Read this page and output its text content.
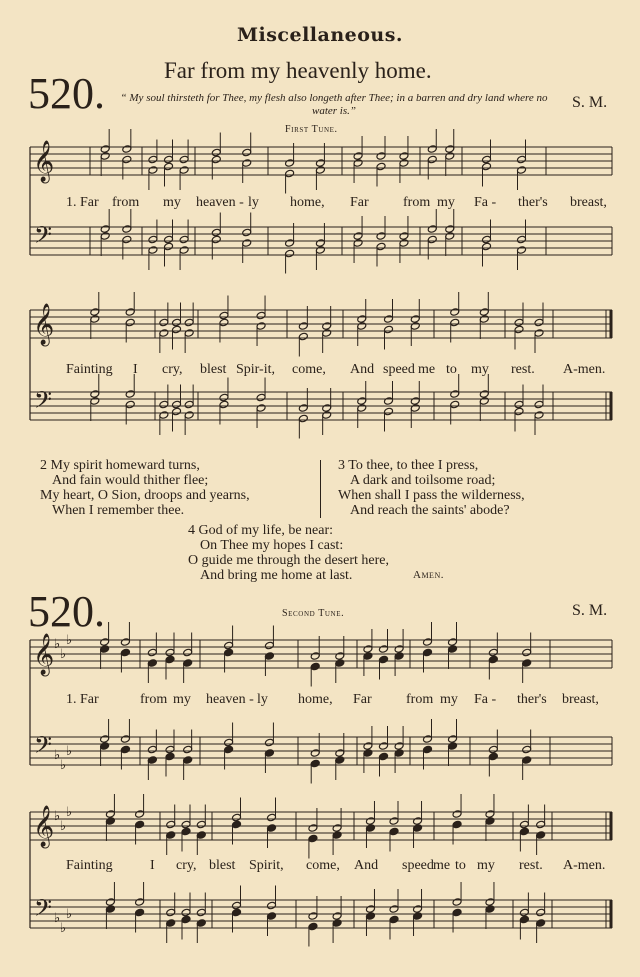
Miscellaneous.
520.	Far from my heavenly home.
“ My soul thirsteth for Thee, my flesh also longeth after Thee; in a barren and dry land where no water is.”	S. M.
First Tune.
𝄞
𝄢
𝄞
𝄢
𝄞
𝄢
♭
♭
♭
♭
♭
♭
𝄞
𝄢
♭
♭
♭
♭
♭
♭
1. Far from my heaven - ly home, Far from my Fa - ther's breast,
Fainting I cry, blest Spir-it, come, And speed me to my rest. A-men.
2 My spirit homeward turns,
And fain would thither flee;
My heart, O Sion, droops and yearns,
When I remember thee.
3 To thee, to thee I press,
A dark and toilsome road;
When shall I pass the wilderness,
And reach the saints' abode?
4 God of my life, be near:
On Thee my hopes I cast:
O guide me through the desert here,
And bring me home at last.	Amen.
520.	Second Tune.	S. M.
1. Far	from my heaven - ly home, Far from my Fa - ther's breast,
Fainting	I cry, blest Spirit, come, And speed me to my rest. A-men.
